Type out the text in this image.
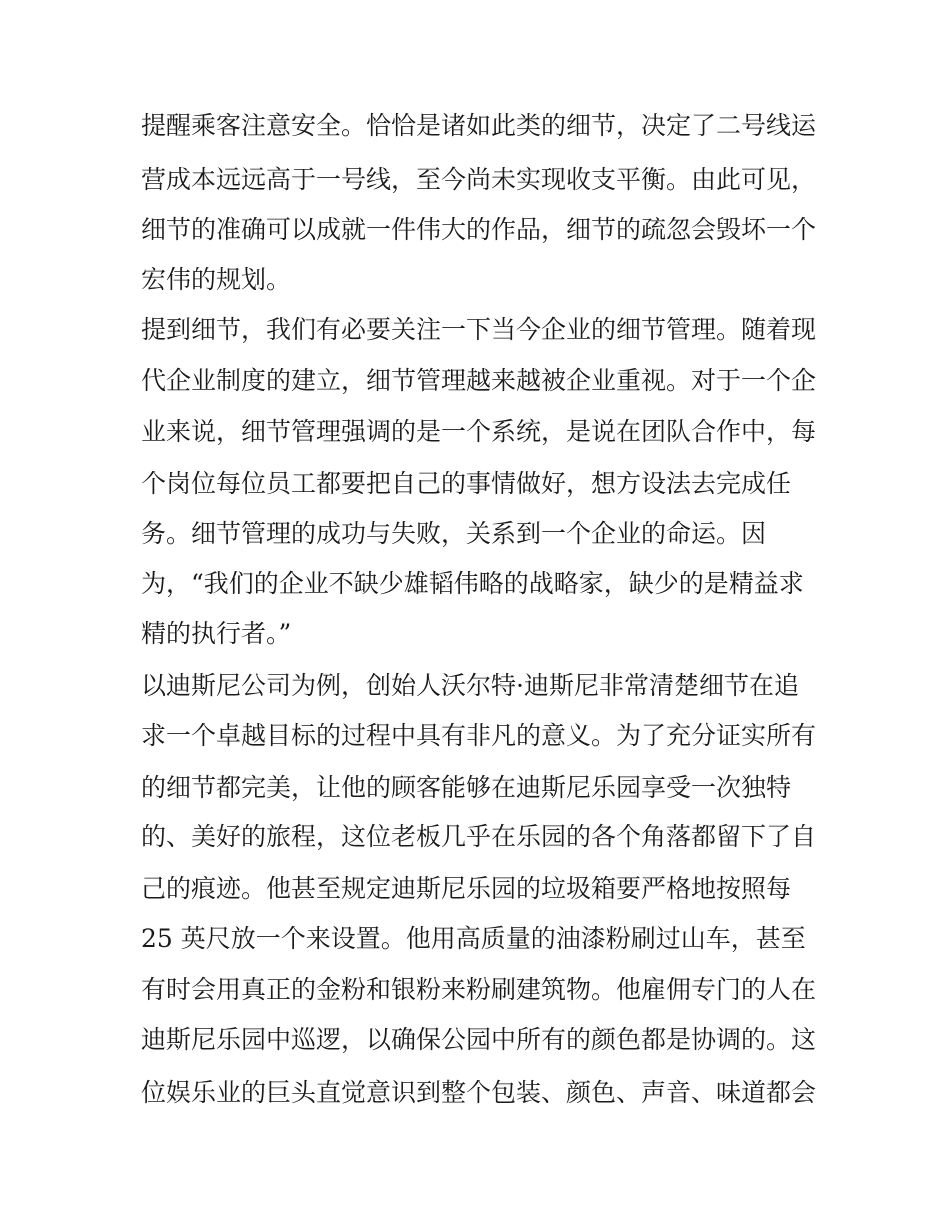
提醒乘客注意安全。恰恰是诸如此类的细节，决定了二号线运
营成本远远高于一号线，至今尚未实现收支平衡。由此可见，
细节的准确可以成就一件伟大的作品，细节的疏忽会毁坏一个
宏伟的规划。
提到细节，我们有必要关注一下当今企业的细节管理。随着现
代企业制度的建立，细节管理越来越被企业重视。对于一个企
业来说，细节管理强调的是一个系统，是说在团队合作中，每
个岗位每位员工都要把自己的事情做好，想方设法去完成任
务。细节管理的成功与失败，关系到一个企业的命运。因
为，“我们的企业不缺少雄韬伟略的战略家，缺少的是精益求
精的执行者。”
以迪斯尼公司为例，创始人沃尔特·迪斯尼非常清楚细节在追
求一个卓越目标的过程中具有非凡的意义。为了充分证实所有
的细节都完美，让他的顾客能够在迪斯尼乐园享受一次独特
的、美好的旅程，这位老板几乎在乐园的各个角落都留下了自
己的痕迹。他甚至规定迪斯尼乐园的垃圾箱要严格地按照每
25 英尺放一个来设置。他用高质量的油漆粉刷过山车，甚至
有时会用真正的金粉和银粉来粉刷建筑物。他雇佣专门的人在
迪斯尼乐园中巡逻，以确保公园中所有的颜色都是协调的。这
位娱乐业的巨头直觉意识到整个包装、颜色、声音、味道都会
